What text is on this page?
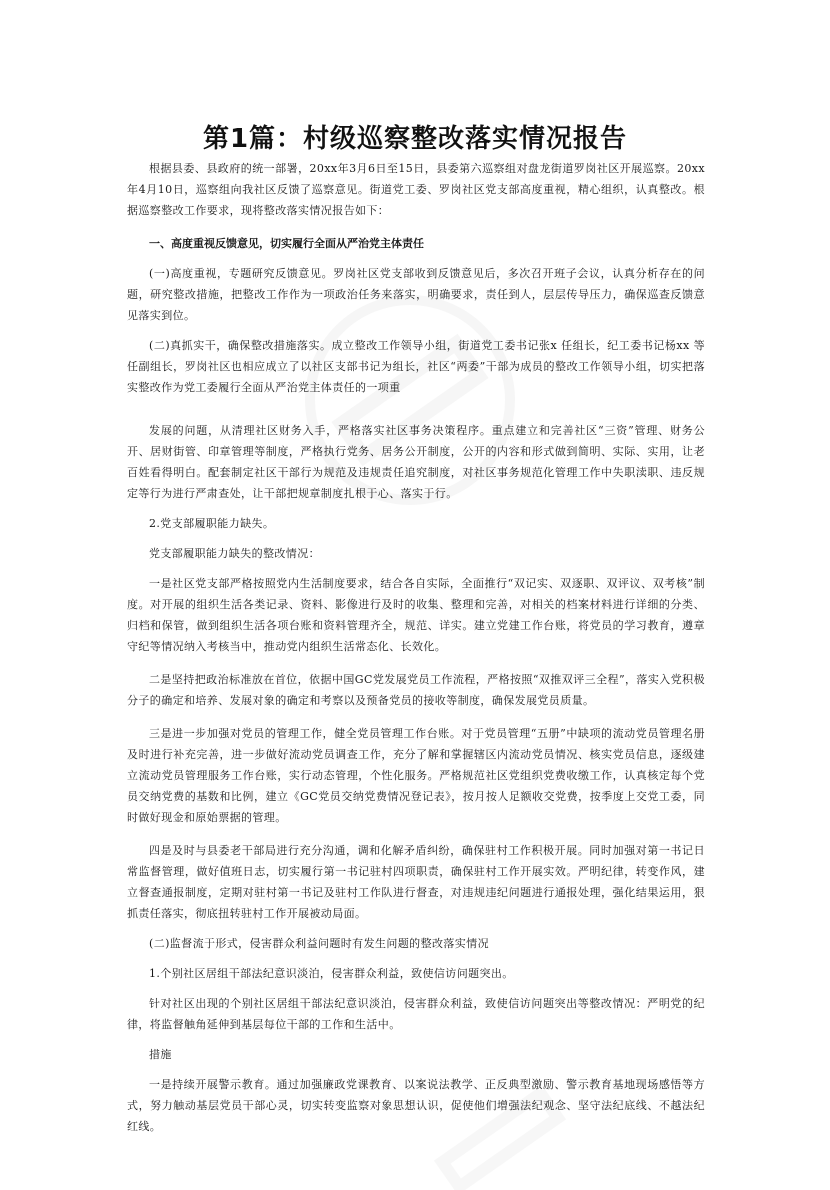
第1篇：村级巡察整改落实情况报告

根据县委、县政府的统一部署，20xx年3月6日至15日，县委第六巡察组对盘龙街道罗岗社区开展巡察。20xx 年4月10日，巡察组向我社区反馈了巡察意见。街道党工委、罗岗社区党支部高度重视，精心组织，认真整改。根据巡察整改工作要求，现将整改落实情况报告如下：

一、高度重视反馈意见，切实履行全面从严治党主体责任

(一)高度重视，专题研究反馈意见。罗岗社区党支部收到反馈意见后，多次召开班子会议，认真分析存在的问题，研究整改措施，把整改工作作为一项政治任务来落实，明确要求，责任到人，层层传导压力，确保巡查反馈意见落实到位。

(二)真抓实干，确保整改措施落实。成立整改工作领导小组，街道党工委书记张x 任组长，纪工委书记杨xx 等任副组长，罗岗社区也相应成立了以社区支部书记为组长，社区“两委”干部为成员的整改工作领导小组，切实把落实整改作为党工委履行全面从严治党主体责任的一项重

发展的问题，从清理社区财务入手，严格落实社区事务决策程序。重点建立和完善社区“三资”管理、财务公开、居财街管、印章管理等制度，严格执行党务、居务公开制度，公开的内容和形式做到简明、实际、实用，让老百姓看得明白。配套制定社区干部行为规范及违规责任追究制度，对社区事务规范化管理工作中失职渎职、违反规定等行为进行严肃查处，让干部把规章制度扎根于心、落实于行。

2.党支部履职能力缺失。

党支部履职能力缺失的整改情况：

一是社区党支部严格按照党内生活制度要求，结合各自实际，全面推行“双记实、双逐职、双评议、双考核”制度。对开展的组织生活各类记录、资料、影像进行及时的收集、整理和完善，对相关的档案材料进行详细的分类、归档和保管，做到组织生活各项台账和资料管理齐全，规范、详实。建立党建工作台账，将党员的学习教育，遵章守纪等情况纳入考核当中，推动党内组织生活常态化、长效化。

二是坚持把政治标准放在首位，依据中国GC党发展党员工作流程，严格按照“双推双评三全程”，落实入党积极分子的确定和培养、发展对象的确定和考察以及预备党员的接收等制度，确保发展党员质量。

三是进一步加强对党员的管理工作，健全党员管理工作台账。对于党员管理“五册”中缺项的流动党员管理名册及时进行补充完善，进一步做好流动党员调查工作，充分了解和掌握辖区内流动党员情况、核实党员信息，逐级建立流动党员管理服务工作台账，实行动态管理，个性化服务。严格规范社区党组织党费收缴工作，认真核定每个党员交纳党费的基数和比例，建立《GC党员交纳党费情况登记表》，按月按人足额收交党费，按季度上交党工委，同时做好现金和原始票据的管理。

四是及时与县委老干部局进行充分沟通，调和化解矛盾纠纷，确保驻村工作积极开展。同时加强对第一书记日常监督管理，做好值班日志，切实履行第一书记驻村四项职责，确保驻村工作开展实效。严明纪律，转变作风，建立督查通报制度，定期对驻村第一书记及驻村工作队进行督查，对违规违纪问题进行通报处理，强化结果运用，狠抓责任落实，彻底扭转驻村工作开展被动局面。

(二)监督流于形式，侵害群众利益问题时有发生问题的整改落实情况

1.个别社区居组干部法纪意识淡泊，侵害群众利益，致使信访问题突出。

针对社区出现的个别社区居组干部法纪意识淡泊，侵害群众利益，致使信访问题突出等整改情况：严明党的纪律，将监督触角延伸到基层每位干部的工作和生活中。

措施

一是持续开展警示教育。通过加强廉政党课教育、以案说法教学、正反典型激励、警示教育基地现场感悟等方式，努力触动基层党员干部心灵，切实转变监察对象思想认识，促使他们增强法纪观念、坚守法纪底线、不越法纪红线。
